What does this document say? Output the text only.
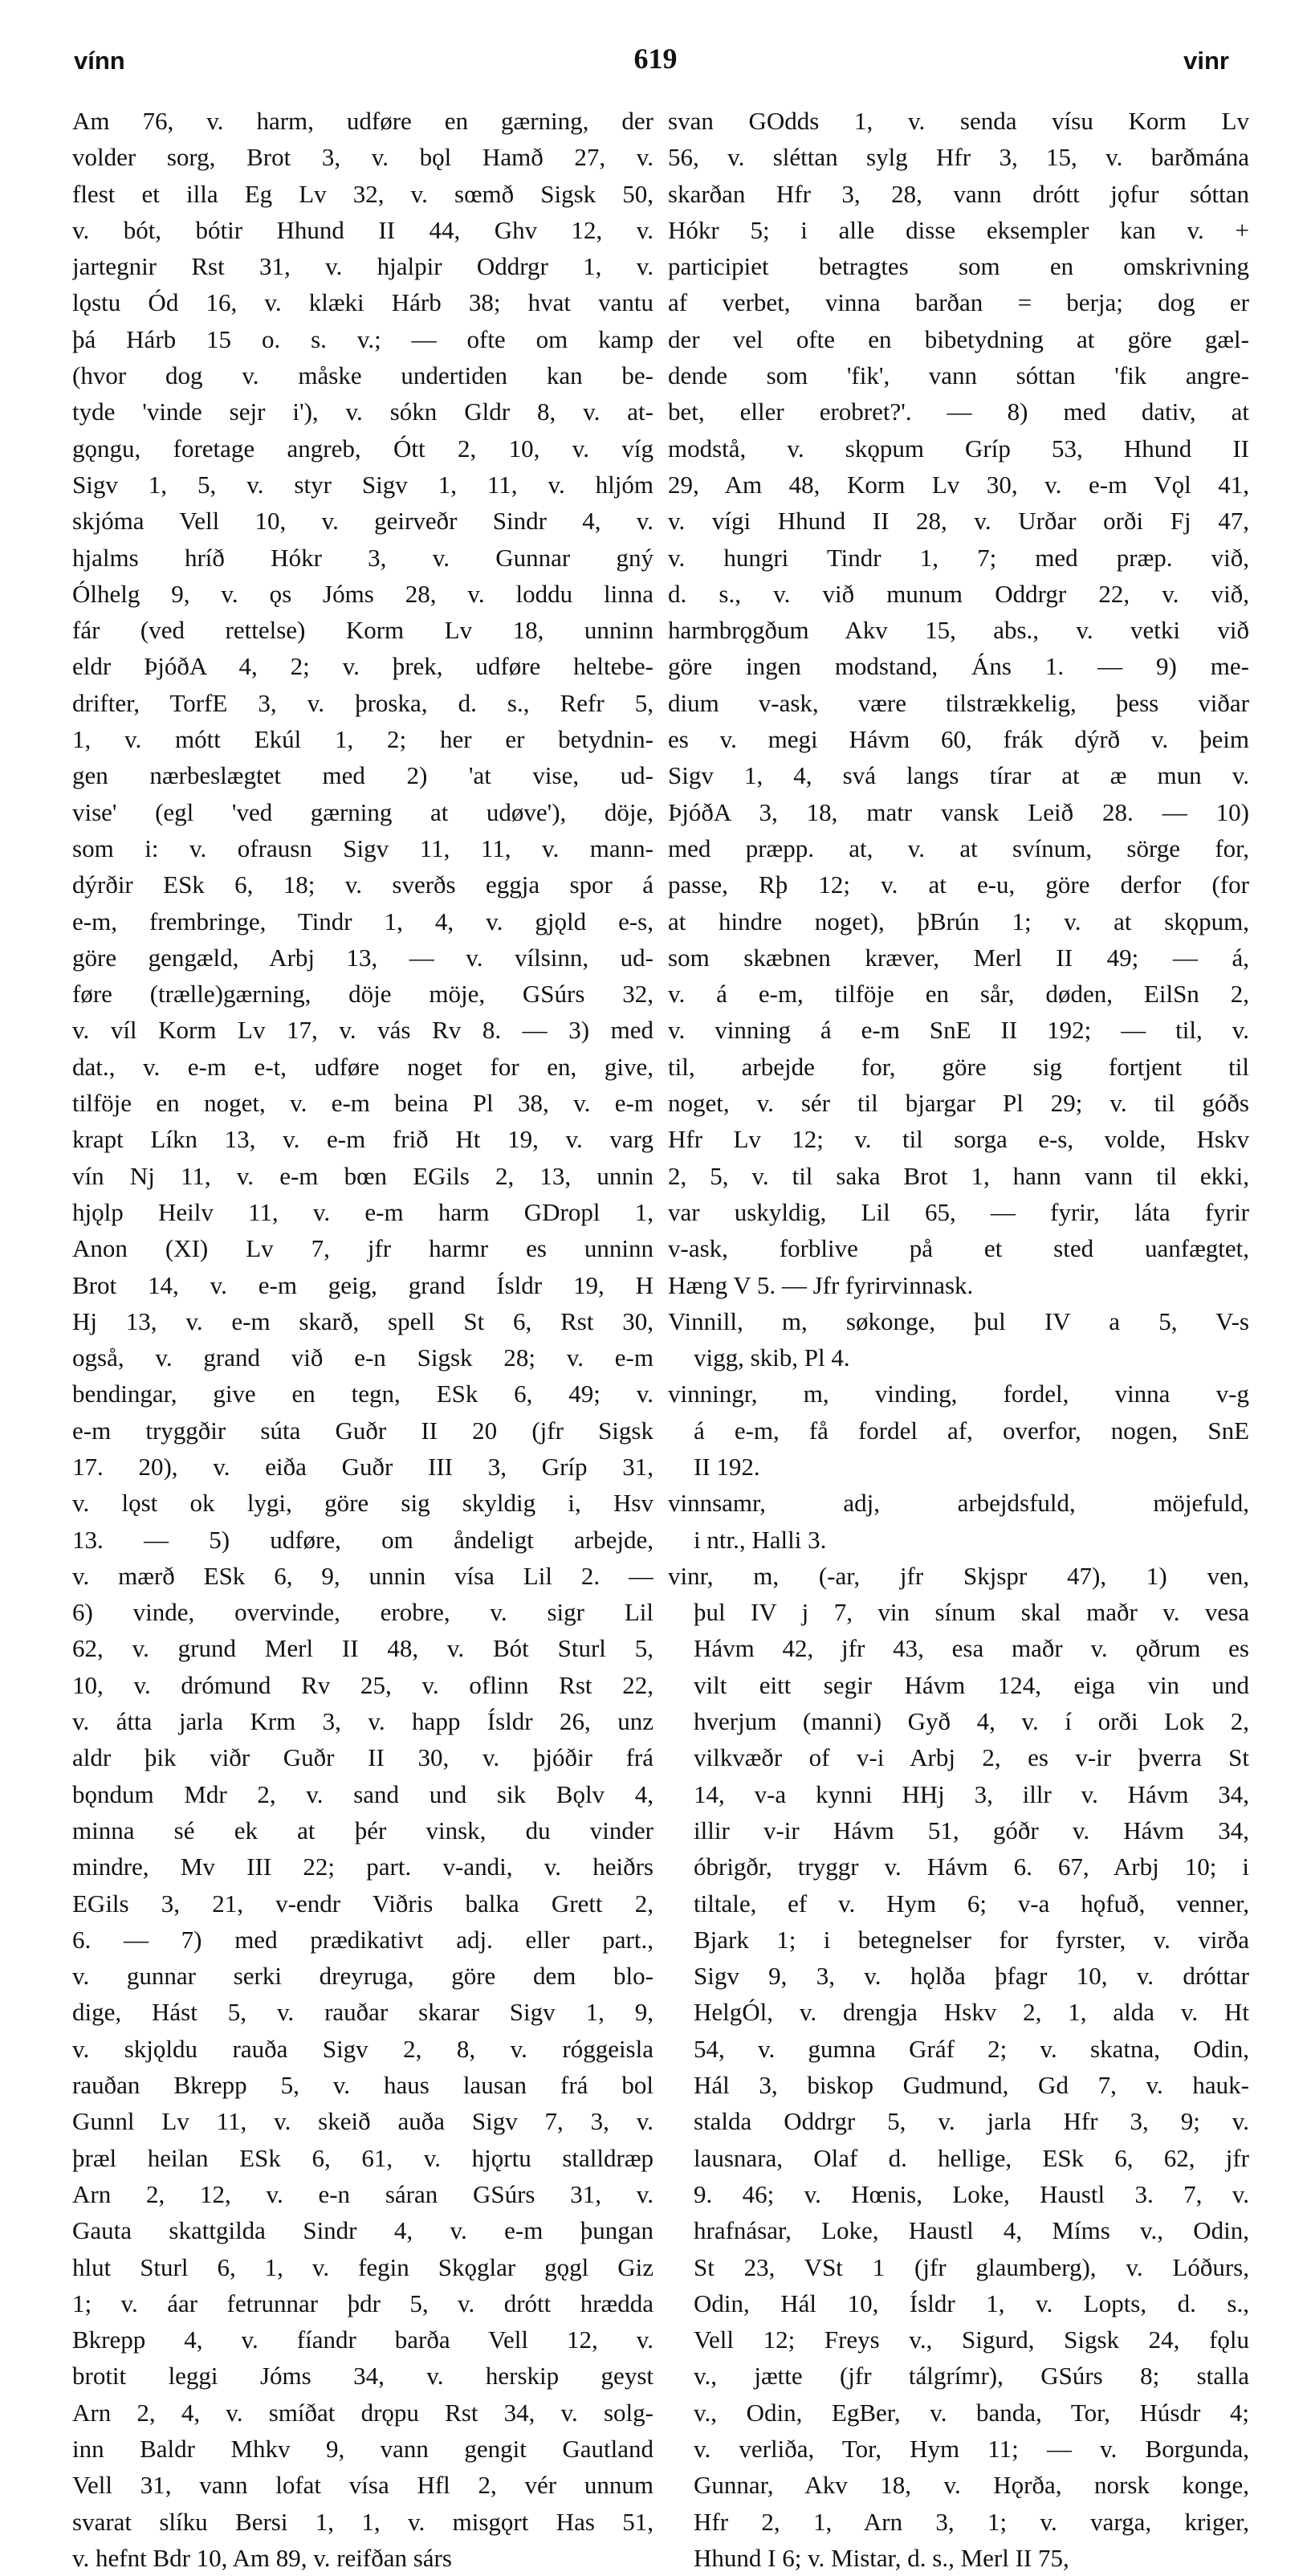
vínn	619	vinr
Am 76, v. harm, udføre en gærning, der
volder sorg, Brot 3, v. bǫl Hamð 27, v.
flest et illa Eg Lv 32, v. sœmð Sigsk 50,
v. bót, bótir Hhund II 44, Ghv 12, v.
jartegnir Rst 31, v. hjalpir Oddrgr 1, v.
lǫstu Ód 16, v. klæki Hárb 38; hvat vantu
þá Hárb 15 o. s. v.; — ofte om kamp
(hvor dog v. måske undertiden kan be-
tyde 'vinde sejr i'), v. sókn Gldr 8, v. at-
gǫngu, foretage angreb, Ótt 2, 10, v. víg
Sigv 1, 5, v. styr Sigv 1, 11, v. hljóm
skjóma Vell 10, v. geirveðr Sindr 4, v.
hjalms hríð Hókr 3, v. Gunnar gný
Ólhelg 9, v. ǫs Jóms 28, v. loddu linna
fár (ved rettelse) Korm Lv 18, unninn
eldr ÞjóðA 4, 2; v. þrek, udføre heltebe-
drifter, TorfE 3, v. þroska, d. s., Refr 5,
1, v. mótt Ekúl 1, 2; her er betydnin-
gen nærbeslægtet med 2) 'at vise, ud-
vise' (egl 'ved gærning at udøve'), döje,
som i: v. ofrausn Sigv 11, 11, v. mann-
dýrðir ESk 6, 18; v. sverðs eggja spor á
e-m, frembringe, Tindr 1, 4, v. gjǫld e-s,
göre gengæld, Arbj 13, — v. vílsinn, ud-
føre (trælle)gærning, döje möje, GSúrs 32,
v. víl Korm Lv 17, v. vás Rv 8. — 3) med
dat., v. e-m e-t, udføre noget for en, give,
tilföje en noget, v. e-m beina Pl 38, v. e-m
krapt Líkn 13, v. e-m frið Ht 19, v. varg
vín Nj 11, v. e-m bœn EGils 2, 13, unnin
hjǫlp Heilv 11, v. e-m harm GDropl 1,
Anon (XI) Lv 7, jfr harmr es unninn
Brot 14, v. e-m geig, grand Ísldr 19, H
Hj 13, v. e-m skarð, spell St 6, Rst 30,
også, v. grand við e-n Sigsk 28; v. e-m
bendingar, give en tegn, ESk 6, 49; v.
e-m tryggðir súta Guðr II 20 (jfr Sigsk
17. 20), v. eiða Guðr III 3, Gríp 31,
v. lǫst ok lygi, göre sig skyldig i, Hsv
13. — 5) udføre, om åndeligt arbejde,
v. mærð ESk 6, 9, unnin vísa Lil 2. —
6) vinde, overvinde, erobre, v. sigr Lil
62, v. grund Merl II 48, v. Bót Sturl 5,
10, v. drómund Rv 25, v. oflinn Rst 22,
v. átta jarla Krm 3, v. happ Ísldr 26, unz
aldr þik viðr Guðr II 30, v. þjóðir frá
bǫndum Mdr 2, v. sand und sik Bǫlv 4,
minna sé ek at þér vinsk, du vinder
mindre, Mv III 22; part. v-andi, v. heiðrs
EGils 3, 21, v-endr Viðris balka Grett 2,
6. — 7) med prædikativt adj. eller part.,
v. gunnar serki dreyruga, göre dem blo-
dige, Hást 5, v. rauðar skarar Sigv 1, 9,
v. skjǫldu rauða Sigv 2, 8, v. róggeisla
rauðan Bkrepp 5, v. haus lausan frá bol
Gunnl Lv 11, v. skeið auða Sigv 7, 3, v.
þræl heilan ESk 6, 61, v. hjǫrtu stalldræp
Arn 2, 12, v. e-n sáran GSúrs 31, v.
Gauta skattgilda Sindr 4, v. e-m þungan
hlut Sturl 6, 1, v. fegin Skǫglar gǫgl Giz
1; v. áar fetrunnar þdr 5, v. drótt hrædda
Bkrepp 4, v. fíandr barða Vell 12, v.
brotit leggi Jóms 34, v. herskip geyst
Arn 2, 4, v. smíðat drǫpu Rst 34, v. solg-
inn Baldr Mhkv 9, vann gengit Gautland
Vell 31, vann lofat vísa Hfl 2, vér unnum
svarat slíku Bersi 1, 1, v. misgǫrt Has 51,
v. hefnt Bdr 10, Am 89, v. reifðan sárs
svan GOdds 1, v. senda vísu Korm Lv
56, v. sléttan sylg Hfr 3, 15, v. barðmána
skarðan Hfr 3, 28, vann drótt jǫfur sóttan
Hókr 5; i alle disse eksempler kan v. +
participiet betragtes som en omskrivning
af verbet, vinna barðan = berja; dog er
der vel ofte en bibetydning at göre gæl-
dende som 'fik', vann sóttan 'fik angre-
bet, eller erobret?'. — 8) med dativ, at
modstå, v. skǫpum Gríp 53, Hhund II
29, Am 48, Korm Lv 30, v. e-m Vǫl 41,
v. vígi Hhund II 28, v. Urðar orði Fj 47,
v. hungri Tindr 1, 7; med præp. við,
d. s., v. við munum Oddrgr 22, v. við,
harmbrǫgðum Akv 15, abs., v. vetki við
göre ingen modstand, Áns 1. — 9) me-
dium v-ask, være tilstrækkelig, þess viðar
es v. megi Hávm 60, frák dýrð v. þeim
Sigv 1, 4, svá langs tírar at æ mun v.
ÞjóðA 3, 18, matr vansk Leið 28. — 10)
med præpp. at, v. at svínum, sörge for,
passe, Rþ 12; v. at e-u, göre derfor (for
at hindre noget), þBrún 1; v. at skǫpum,
som skæbnen kræver, Merl II 49; — á,
v. á e-m, tilföje en sår, døden, EilSn 2,
v. vinning á e-m SnE II 192; — til, v.
til, arbejde for, göre sig fortjent til
noget, v. sér til bjargar Pl 29; v. til góðs
Hfr Lv 12; v. til sorga e-s, volde, Hskv
2, 5, v. til saka Brot 1, hann vann til ekki,
var uskyldig, Lil 65, — fyrir, láta fyrir
v-ask, forblive på et sted uanfægtet,
Hæng V 5. — Jfr fyrirvinnask.
Vinnill, m, søkonge, þul IV a 5, V-s
vigg, skib, Pl 4.
vinningr, m, vinding, fordel, vinna v-g
á e-m, få fordel af, overfor, nogen, SnE
II 192.
vinnsamr, adj, arbejdsfuld, möjefuld,
i ntr., Halli 3.
vinr, m, (-ar, jfr Skjspr 47), 1) ven,
þul IV j 7, vin sínum skal maðr v. vesa
Hávm 42, jfr 43, esa maðr v. ǫðrum es
vilt eitt segir Hávm 124, eiga vin und
hverjum (manni) Gyð 4, v. í orði Lok 2,
vilkvæðr of v-i Arbj 2, es v-ir þverra St
14, v-a kynni HHj 3, illr v. Hávm 34,
illir v-ir Hávm 51, góðr v. Hávm 34,
óbrigðr, tryggr v. Hávm 6. 67, Arbj 10; i
tiltale, ef v. Hym 6; v-a hǫfuð, venner,
Bjark 1; i betegnelser for fyrster, v. virða
Sigv 9, 3, v. hǫlða þfagr 10, v. dróttar
HelgÓl, v. drengja Hskv 2, 1, alda v. Ht
54, v. gumna Gráf 2; v. skatna, Odin,
Hál 3, biskop Gudmund, Gd 7, v. hauk-
stalda Oddrgr 5, v. jarla Hfr 3, 9; v.
lausnara, Olaf d. hellige, ESk 6, 62, jfr
9. 46; v. Hœnis, Loke, Haustl 3. 7, v.
hrafnásar, Loke, Haustl 4, Míms v., Odin,
St 23, VSt 1 (jfr glaumberg), v. Lóðurs,
Odin, Hál 10, Ísldr 1, v. Lopts, d. s.,
Vell 12; Freys v., Sigurd, Sigsk 24, fǫlu
v., jætte (jfr tálgrímr), GSúrs 8; stalla
v., Odin, EgBer, v. banda, Tor, Húsdr 4;
v. verliða, Tor, Hym 11; — v. Borgunda,
Gunnar, Akv 18, v. Hǫrða, norsk konge,
Hfr 2, 1, Arn 3, 1; v. varga, kriger,
Hhund I 6; v. Mistar, d. s., Merl II 75,
